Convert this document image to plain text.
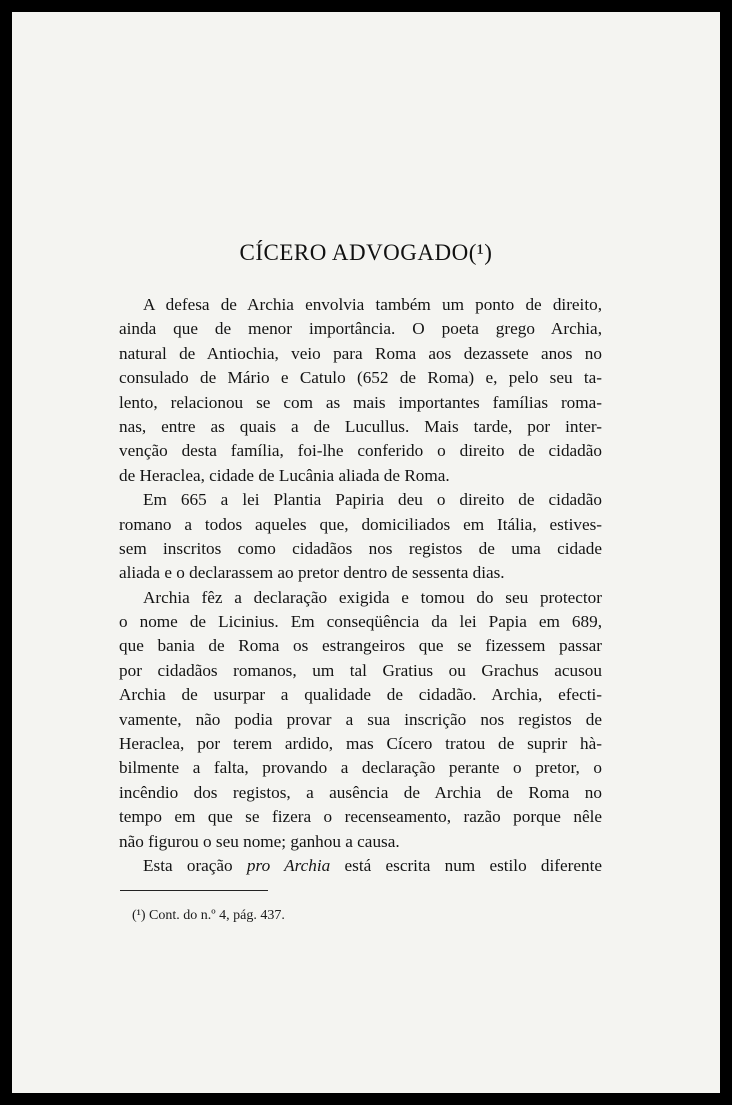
CÍCERO ADVOGADO(¹)
A defesa de Archia envolvia também um ponto de direito,
ainda que de menor importância. O poeta grego Archia,
natural de Antiochia, veio para Roma aos dezassete anos no
consulado de Mário e Catulo (652 de Roma) e, pelo seu ta-
lento, relacionou se com as mais importantes famílias roma-
nas, entre as quais a de Lucullus. Mais tarde, por inter-
venção desta família, foi-lhe conferido o direito de cidadão
de Heraclea, cidade de Lucânia aliada de Roma.
Em 665 a lei Plantia Papiria deu o direito de cidadão
romano a todos aqueles que, domiciliados em Itália, estives-
sem inscritos como cidadãos nos registos de uma cidade
aliada e o declarassem ao pretor dentro de sessenta dias.
Archia fêz a declaração exigida e tomou do seu protector
o nome de Licinius. Em conseqüência da lei Papia em 689,
que bania de Roma os estrangeiros que se fizessem passar
por cidadãos romanos, um tal Gratius ou Grachus acusou
Archia de usurpar a qualidade de cidadão. Archia, efecti-
vamente, não podia provar a sua inscrição nos registos de
Heraclea, por terem ardido, mas Cícero tratou de suprir hà-
bilmente a falta, provando a declaração perante o pretor, o
incêndio dos registos, a ausência de Archia de Roma no
tempo em que se fizera o recenseamento, razão porque nêle
não figurou o seu nome; ganhou a causa.
Esta oração pro Archia está escrita num estilo diferente
(¹) Cont. do n.º 4, pág. 437.
